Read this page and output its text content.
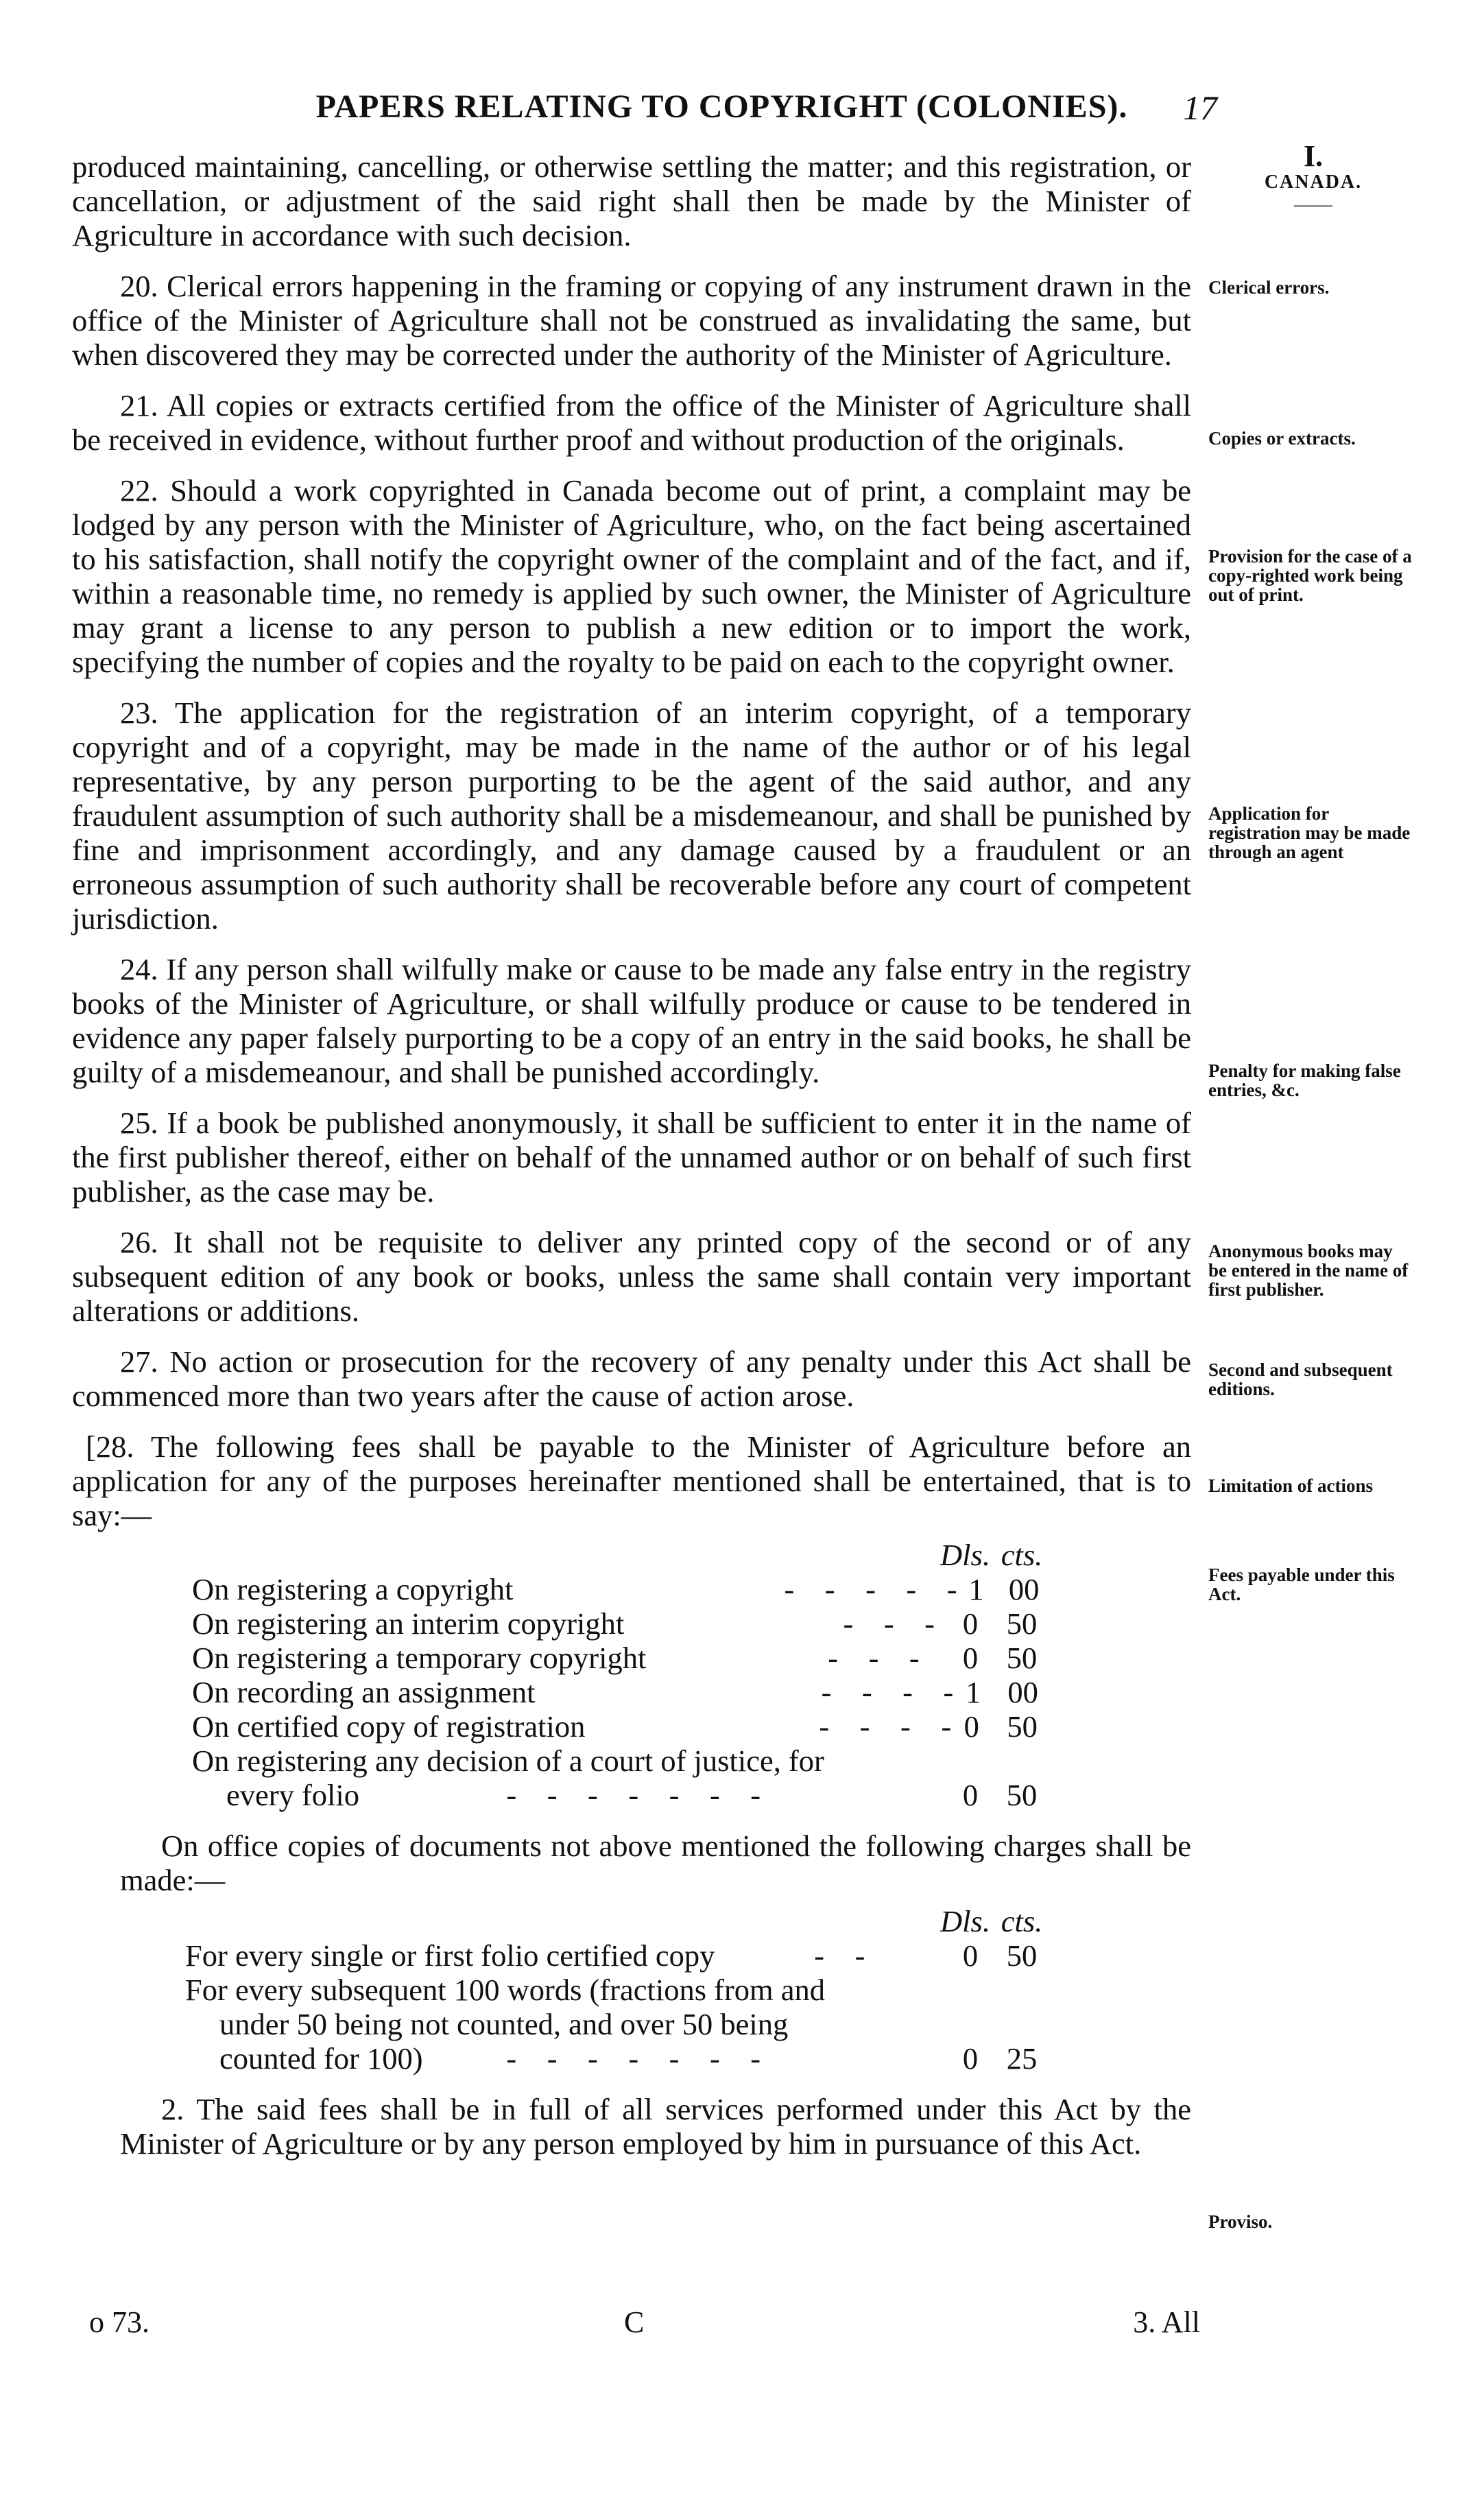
PAPERS RELATING TO COPYRIGHT (COLONIES).	17
I.
CANADA.
——

produced maintaining, cancelling, or otherwise settling the matter; and this registration, or cancellation, or adjustment of the said right shall then be made by the Minister of Agriculture in accordance with such decision.

20. Clerical errors happening in the framing or copying of any instrument drawn in the office of the Minister of Agriculture shall not be construed as invalidating the same, but when discovered they may be corrected under the authority of the Minister of Agriculture.

21. All copies or extracts certified from the office of the Minister of Agriculture shall be received in evidence, without further proof and without production of the originals.

22. Should a work copyrighted in Canada become out of print, a complaint may be lodged by any person with the Minister of Agriculture, who, on the fact being ascertained to his satisfaction, shall notify the copyright owner of the complaint and of the fact, and if, within a reasonable time, no remedy is applied by such owner, the Minister of Agriculture may grant a license to any person to publish a new edition or to import the work, specifying the number of copies and the royalty to be paid on each to the copyright owner.

23. The application for the registration of an interim copyright, of a temporary copyright and of a copyright, may be made in the name of the author or of his legal representative, by any person purporting to be the agent of the said author, and any fraudulent assumption of such authority shall be a misdemeanour, and shall be punished by fine and imprisonment accordingly, and any damage caused by a fraudulent or an erroneous assumption of such authority shall be recoverable before any court of competent jurisdiction.

24. If any person shall wilfully make or cause to be made any false entry in the registry books of the Minister of Agriculture, or shall wilfully produce or cause to be tendered in evidence any paper falsely purporting to be a copy of an entry in the said books, he shall be guilty of a misdemeanour, and shall be punished accordingly.

25. If a book be published anonymously, it shall be sufficient to enter it in the name of the first publisher thereof, either on behalf of the unnamed author or on behalf of such first publisher, as the case may be.

26. It shall not be requisite to deliver any printed copy of the second or of any subsequent edition of any book or books, unless the same shall contain very important alterations or additions.

27. No action or prosecution for the recovery of any penalty under this Act shall be commenced more than two years after the cause of action arose.

[28. The following fees shall be payable to the Minister of Agriculture before an application for any of the purposes hereinafter mentioned shall be entertained, that is to say:—

Dls. cts.
On registering a copyright	-    -    -    -    - 1 00
On registering an interim copyright	-    -    - 0 50
On registering a temporary copyright	-    -    -	0 50
On recording an assignment	-    -    -    - 1 00
On certified copy of registration	-    -    -    - 0 50
On registering any decision of a court of justice, for
every folio	-    -    -    -    -    -    -	0 50

On office copies of documents not above mentioned the following charges shall be made:—

Dls. cts.
For every single or first folio certified copy	-    -	0 50
For every subsequent 100 words (fractions from and
under 50 being not counted, and over 50 being
counted for 100)	-    -    -    -    -    -    -	0 25

2. The said fees shall be in full of all services performed under this Act by the Minister of Agriculture or by any person employed by him in pursuance of this Act.

Clerical errors.
Copies or extracts.
Provision for the case of a copy-righted work being out of print.
Application for registration may be made through an agent
Penalty for making false entries, &c.
Anonymous books may be entered in the name of first publisher.
Second and subsequent editions.
Limitation of actions
Fees payable under this Act.
Proviso.
o 73.	C	3. All
